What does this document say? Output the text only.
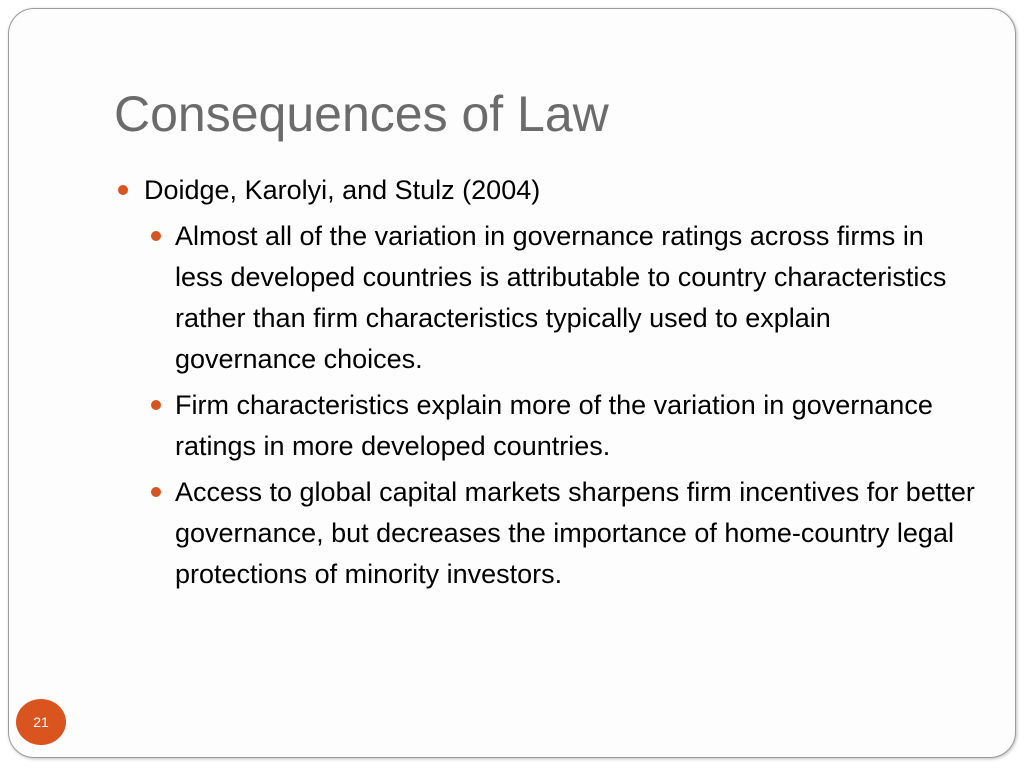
Consequences of Law
Doidge, Karolyi, and Stulz (2004)
Almost all of the variation in governance ratings across firms in less developed countries is attributable to country characteristics rather than firm characteristics typically used to explain governance choices.
Firm characteristics explain more of the variation in governance ratings in more developed countries.
Access to global capital markets sharpens firm incentives for better governance, but decreases the importance of home-country legal protections of minority investors.
21
